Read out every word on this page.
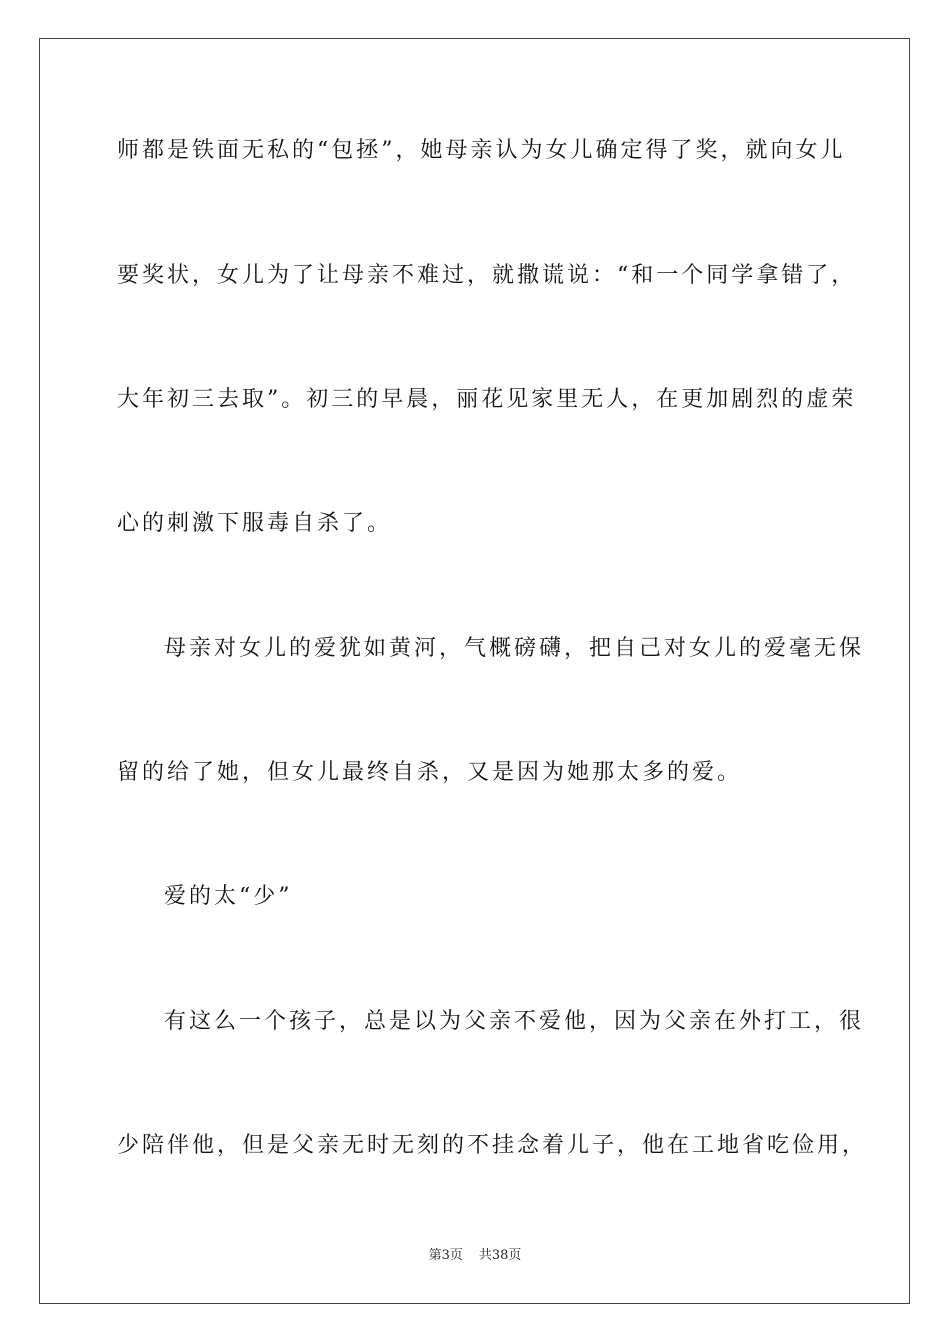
师都是铁面无私的“包拯”，她母亲认为女儿确定得了奖，就向女儿
要奖状，女儿为了让母亲不难过，就撒谎说：“和一个同学拿错了，
大年初三去取”。初三的早晨，丽花见家里无人，在更加剧烈的虚荣
心的刺激下服毒自杀了。
母亲对女儿的爱犹如黄河，气概磅礴，把自己对女儿的爱毫无保
留的给了她，但女儿最终自杀，又是因为她那太多的爱。
爱的太“少”
有这么一个孩子，总是以为父亲不爱他，因为父亲在外打工，很
少陪伴他，但是父亲无时无刻的不挂念着儿子，他在工地省吃俭用，
第3页 共38页
